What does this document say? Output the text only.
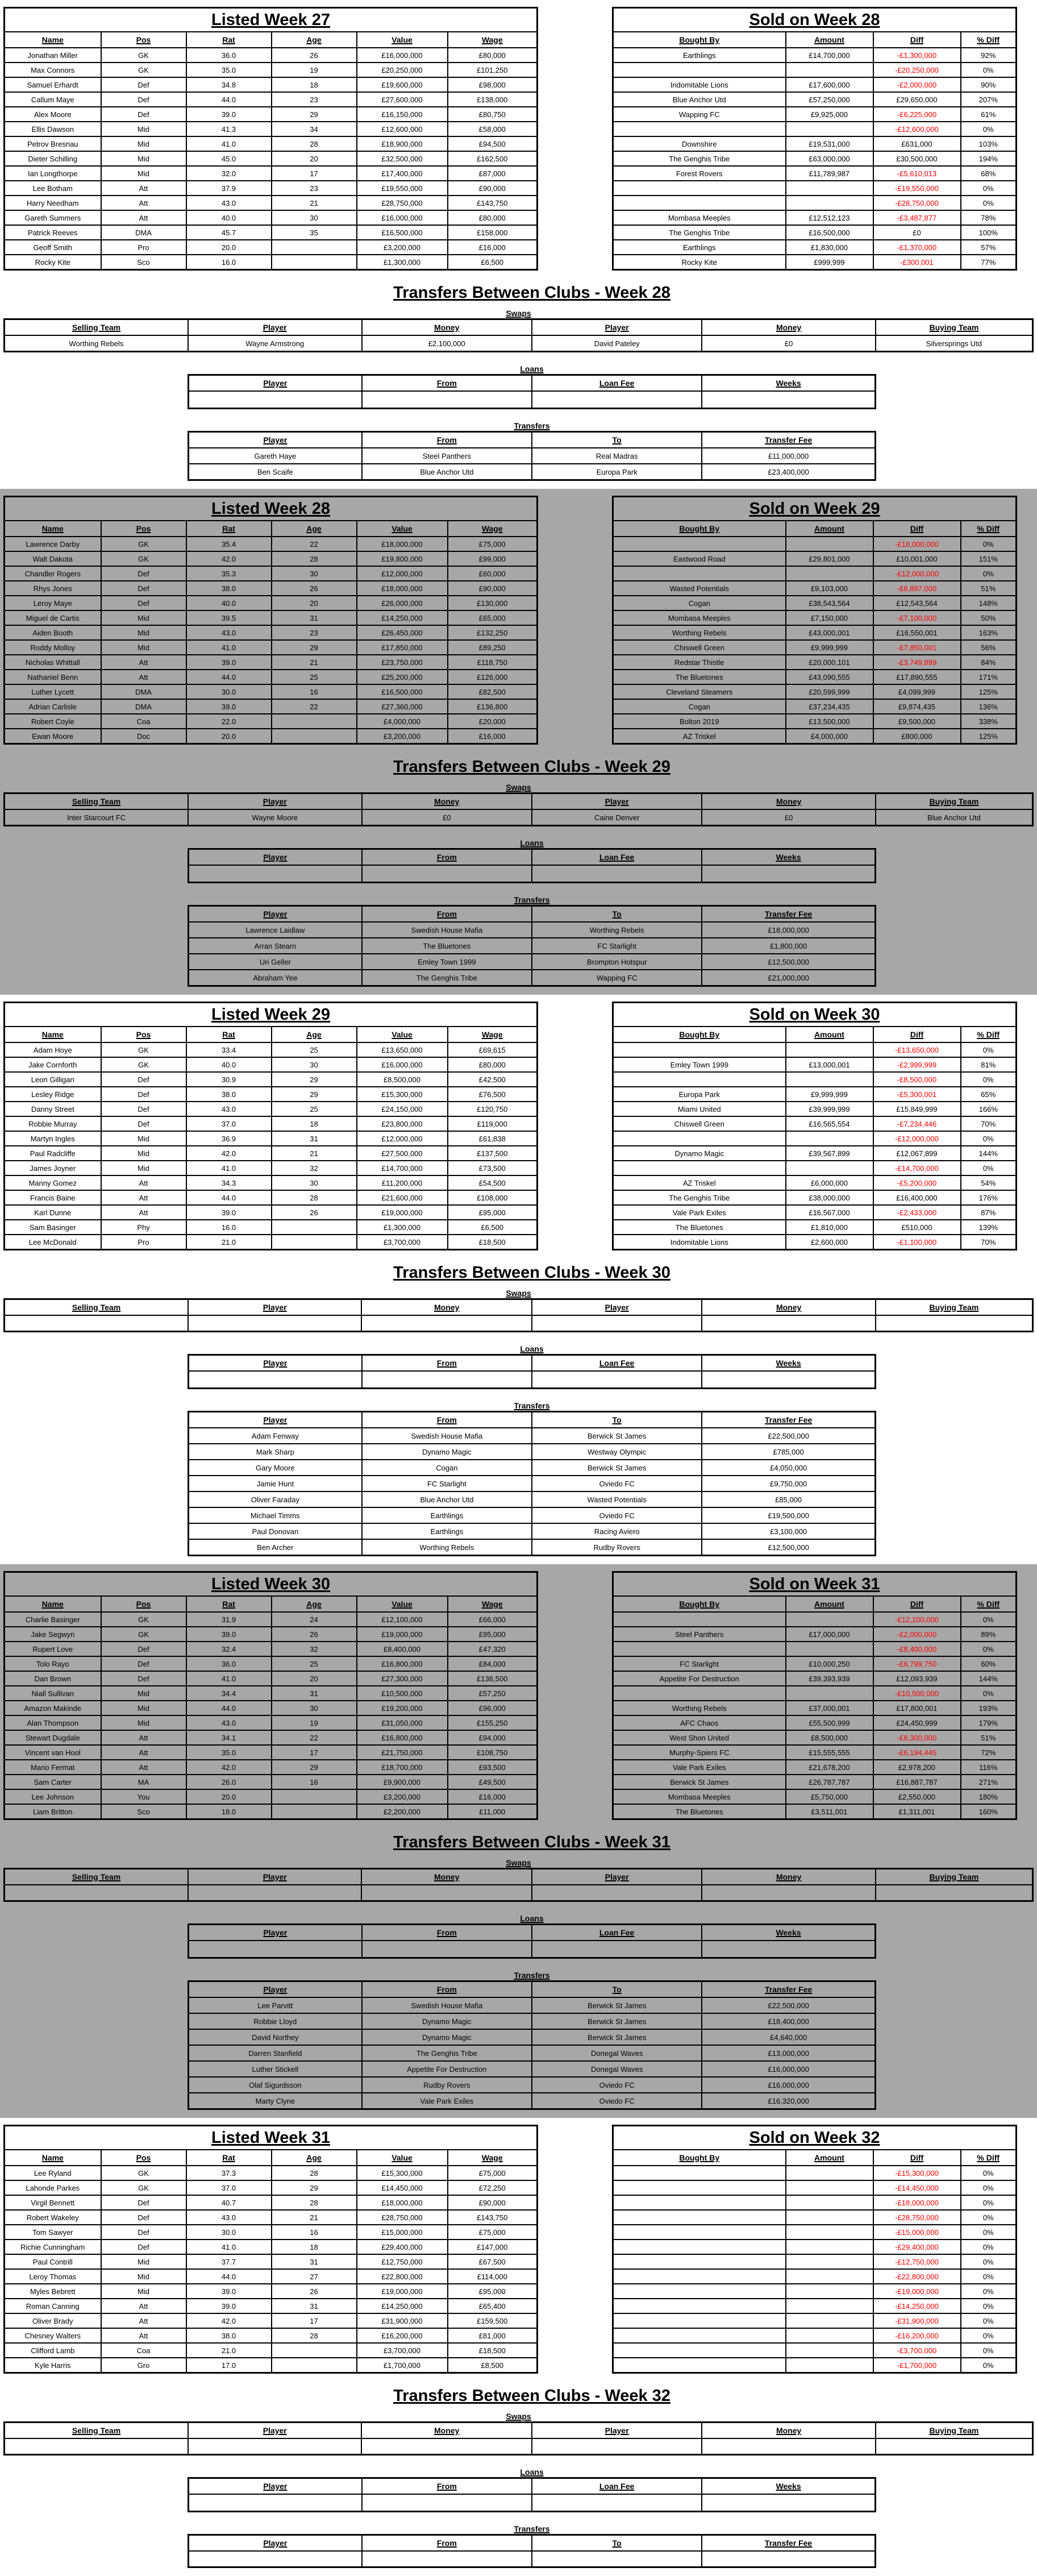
Listed Week 27					
Name	Pos	Rat	Age	Value	Wage
Jonathan Miller	GK	36.0	26	£16,000,000	£80,000
Max Connors	GK	35.0	19	£20,250,000	£101,250
Samuel Erhardt	Def	34.8	18	£19,600,000	£98,000
Callum Maye	Def	44.0	23	£27,600,000	£138,000
Alex Moore	Def	39.0	29	£16,150,000	£80,750
Ellis Dawson	Mid	41.3	34	£12,600,000	£58,000
Petrov Bresnau	Mid	41.0	28	£18,900,000	£94,500
Dieter Schilling	Mid	45.0	20	£32,500,000	£162,500
Ian Longthorpe	Mid	32.0	17	£17,400,000	£87,000
Lee Botham	Att	37.9	23	£19,550,000	£90,000
Harry Needham	Att	43.0	21	£28,750,000	£143,750
Gareth Summers	Att	40.0	30	£16,000,000	£80,000
Patrick Reeves	DMA	45.7	35	£16,500,000	£158,000
Geoff Smith	Pro	20.0		£3,200,000	£16,000
Rocky Kite	Sco	16.0		£1,300,000	£6,500
Sold on Week 28			
Bought By	Amount	Diff	% Diff
Earthlings	£14,700,000	-£1,300,000	92%
		-£20,250,000	0%
Indomitable Lions	£17,600,000	-£2,000,000	90%
Blue Anchor Utd	£57,250,000	£29,650,000	207%
Wapping FC	£9,925,000	-£6,225,000	61%
		-£12,600,000	0%
Downshire	£19,531,000	£631,000	103%
The Genghis Tribe	£63,000,000	£30,500,000	194%
Forest Rovers	£11,789,987	-£5,610,013	68%
		-£19,550,000	0%
		-£28,750,000	0%
Mombasa Meeples	£12,512,123	-£3,487,877	78%
The Genghis Tribe	£16,500,000	£0	100%
Earthlings	£1,830,000	-£1,370,000	57%
Rocky Kite	£999,999	-£300,001	77%
Transfers Between Clubs - Week 28
Swaps
Selling Team	Player	Money	Player	Money	Buying Team
Worthing Rebels	Wayne Armstrong	£2,100,000	David Pateley	£0	Silversprings Utd
Loans
Player	From	Loan Fee	Weeks

Transfers
Player	From	To	Transfer Fee
Gareth Haye	Steel Panthers	Real Madras	£11,000,000
Ben Scaife	Blue Anchor Utd	Europa Park	£23,400,000
Listed Week 28					
Name	Pos	Rat	Age	Value	Wage
Lawrence Darby	GK	35.4	22	£18,000,000	£75,000
Walt Dakota	GK	42.0	28	£19,800,000	£99,000
Chandler Rogers	Def	35.3	30	£12,000,000	£60,000
Rhys Jones	Def	38.0	26	£18,000,000	£90,000
Leroy Maye	Def	40.0	20	£26,000,000	£130,000
Miguel de Cartis	Mid	39.5	31	£14,250,000	£65,000
Aiden Booth	Mid	43.0	23	£26,450,000	£132,250
Roddy Molloy	Mid	41.0	29	£17,850,000	£89,250
Nicholas Whittall	Att	39.0	21	£23,750,000	£118,750
Nathaniel Benn	Att	44.0	25	£25,200,000	£126,000
Luther Lycett	DMA	30.0	16	£16,500,000	£82,500
Adrian Carlisle	DMA	39.0	22	£27,360,000	£136,800
Robert Coyle	Coa	22.0		£4,000,000	£20,000
Ewan Moore	Doc	20.0		£3,200,000	£16,000
Sold on Week 29			
Bought By	Amount	Diff	% Diff
		-£18,000,000	0%
Eastwood Road	£29,801,000	£10,001,000	151%
		-£12,000,000	0%
Wasted Potentials	£9,103,000	-£8,897,000	51%
Cogan	£38,543,564	£12,543,564	148%
Mombasa Meeples	£7,150,000	-£7,100,000	50%
Worthing Rebels	£43,000,001	£16,550,001	163%
Chiswell Green	£9,999,999	-£7,850,001	56%
Redstar Thistle	£20,000,101	-£3,749,899	84%
The Bluetones	£43,090,555	£17,890,555	171%
Cleveland Steamers	£20,599,999	£4,099,999	125%
Cogan	£37,234,435	£9,874,435	136%
Bolton 2019	£13,500,000	£9,500,000	338%
AZ Triskel	£4,000,000	£800,000	125%
Transfers Between Clubs - Week 29
Swaps
Selling Team	Player	Money	Player	Money	Buying Team
Inter Starcourt FC	Wayne Moore	£0	Caine Denver	£0	Blue Anchor Utd
Loans
Player	From	Loan Fee	Weeks

Transfers
Player	From	To	Transfer Fee
Lawrence Laidlaw	Swedish House Mafia	Worthing Rebels	£18,000,000
Arran Stearn	The Bluetones	FC Starlight	£1,800,000
Uri Geller	Emley Town 1999	Brompton Hotspur	£12,500,000
Abraham Yee	The Genghis Tribe	Wapping FC	£21,000,000
Listed Week 29					
Name	Pos	Rat	Age	Value	Wage
Adam Hoye	GK	33.4	25	£13,650,000	£69,615
Jake Cornforth	GK	40.0	30	£16,000,000	£80,000
Leon Gilligan	Def	30.9	29	£8,500,000	£42,500
Lesley Ridge	Def	38.0	29	£15,300,000	£76,500
Danny Street	Def	43.0	25	£24,150,000	£120,750
Robbie Murray	Def	37.0	18	£23,800,000	£119,000
Martyn Ingles	Mid	36.9	31	£12,000,000	£61,838
Paul Radcliffe	Mid	42.0	21	£27,500,000	£137,500
James Joyner	Mid	41.0	32	£14,700,000	£73,500
Manny Gomez	Att	34.3	30	£11,200,000	£54,500
Francis Baine	Att	44.0	28	£21,600,000	£108,000
Karl Dunne	Att	39.0	26	£19,000,000	£95,000
Sam Basinger	Phy	16.0		£1,300,000	£6,500
Lee McDonald	Pro	21.0		£3,700,000	£18,500
Sold on Week 30			
Bought By	Amount	Diff	% Diff
		-£13,650,000	0%
Emley Town 1999	£13,000,001	-£2,999,999	81%
		-£8,500,000	0%
Europa Park	£9,999,999	-£5,300,001	65%
Miami United	£39,999,999	£15,849,999	166%
Chiswell Green	£16,565,554	-£7,234,446	70%
		-£12,000,000	0%
Dynamo Magic	£39,567,899	£12,067,899	144%
		-£14,700,000	0%
AZ Triskel	£6,000,000	-£5,200,000	54%
The Genghis Tribe	£38,000,000	£16,400,000	176%
Vale Park Exiles	£16,567,000	-£2,433,000	87%
The Bluetones	£1,810,000	£510,000	139%
Indomitable Lions	£2,600,000	-£1,100,000	70%
Transfers Between Clubs - Week 30
Swaps
Selling Team	Player	Money	Player	Money	Buying Team

Loans
Player	From	Loan Fee	Weeks

Transfers
Player	From	To	Transfer Fee
Adam Fenway	Swedish House Mafia	Berwick St James	£22,500,000
Mark Sharp	Dynamo Magic	Westway Olympic	£785,000
Gary Moore	Cogan	Berwick St James	£4,050,000
Jamie Hunt	FC Starlight	Oviedo FC	£9,750,000
Oliver Faraday	Blue Anchor Utd	Wasted Potentials	£85,000
Michael Timms	Earthlings	Oviedo FC	£19,500,000
Paul Donovan	Earthlings	Racing Aviero	£3,100,000
Ben Archer	Worthing Rebels	Rudby Rovers	£12,500,000
Listed Week 30					
Name	Pos	Rat	Age	Value	Wage
Charlie Basinger	GK	31.9	24	£12,100,000	£66,000
Jake Segwyn	GK	39.0	26	£19,000,000	£95,000
Rupert Love	Def	32.4	32	£8,400,000	£47,320
Tolo Rayo	Def	36.0	25	£16,800,000	£84,000
Dan Brown	Def	41.0	20	£27,300,000	£136,500
Niall Sullivan	Mid	34.4	31	£10,500,000	£57,250
Amazon Makinde	Mid	44.0	30	£19,200,000	£96,000
Alan Thompson	Mid	43.0	19	£31,050,000	£155,250
Stewart Dugdale	Att	34.1	22	£16,800,000	£94,000
Vincent van Hool	Att	35.0	17	£21,750,000	£108,750
Mario Fermat	Att	42.0	29	£18,700,000	£93,500
Sam Carter	MA	26.0	16	£9,900,000	£49,500
Lee Johnson	You	20.0		£3,200,000	£16,000
Liam Britton	Sco	18.0		£2,200,000	£11,000
Sold on Week 31			
Bought By	Amount	Diff	% Diff
		-£12,100,000	0%
Steel Panthers	£17,000,000	-£2,000,000	89%
		-£8,400,000	0%
FC Starlight	£10,000,250	-£6,799,750	60%
Appetite For Destruction	£39,393,939	£12,093,939	144%
		-£10,500,000	0%
Worthing Rebels	£37,000,001	£17,800,001	193%
AFC Chaos	£55,500,999	£24,450,999	179%
West Shon United	£8,500,000	-£8,300,000	51%
Murphy-Spiers FC	£15,555,555	-£6,194,445	72%
Vale Park Exiles	£21,678,200	£2,978,200	116%
Berwick St James	£26,787,787	£16,887,787	271%
Mombasa Meeples	£5,750,000	£2,550,000	180%
The Bluetones	£3,511,001	£1,311,001	160%
Transfers Between Clubs - Week 31
Swaps
Selling Team	Player	Money	Player	Money	Buying Team

Loans
Player	From	Loan Fee	Weeks

Transfers
Player	From	To	Transfer Fee
Lee Parvitt	Swedish House Mafia	Berwick St James	£22,500,000
Robbie Lloyd	Dynamo Magic	Berwick St James	£18,400,000
David Northey	Dynamo Magic	Berwick St James	£4,640,000
Darren Stanfield	The Genghis Tribe	Donegal Waves	£13,000,000
Luther Stickell	Appetite For Destruction	Donegal Waves	£16,000,000
Olaf Sigurdsson	Rudby Rovers	Oviedo FC	£16,000,000
Marty Clyne	Vale Park Exiles	Oviedo FC	£16,320,000
Listed Week 31					
Name	Pos	Rat	Age	Value	Wage
Lee Ryland	GK	37.3	28	£15,300,000	£75,000
Lahonde Parkes	GK	37.0	29	£14,450,000	£72,250
Virgil Bennett	Def	40.7	28	£18,000,000	£90,000
Robert Wakeley	Def	43.0	21	£28,750,000	£143,750
Tom Sawyer	Def	30.0	16	£15,000,000	£75,000
Richie Cunningham	Def	41.0	18	£29,400,000	£147,000
Paul Contrill	Mid	37.7	31	£12,750,000	£67,500
Leroy Thomas	Mid	44.0	27	£22,800,000	£114,000
Myles Bebrett	Mid	39.0	26	£19,000,000	£95,000
Roman Canning	Att	39.0	31	£14,250,000	£65,400
Oliver Brady	Att	42.0	17	£31,900,000	£159,500
Chesney Walters	Att	38.0	28	£16,200,000	£81,000
Clifford Lamb	Coa	21.0		£3,700,000	£18,500
Kyle Harris	Gro	17.0		£1,700,000	£8,500
Sold on Week 32			
Bought By	Amount	Diff	% Diff
		-£15,300,000	0%
		-£14,450,000	0%
		-£18,000,000	0%
		-£28,750,000	0%
		-£15,000,000	0%
		-£29,400,000	0%
		-£12,750,000	0%
		-£22,800,000	0%
		-£19,000,000	0%
		-£14,250,000	0%
		-£31,900,000	0%
		-£16,200,000	0%
		-£3,700,000	0%
		-£1,700,000	0%
Transfers Between Clubs - Week 32
Swaps
Selling Team	Player	Money	Player	Money	Buying Team

Loans
Player	From	Loan Fee	Weeks

Transfers
Player	From	To	Transfer Fee
